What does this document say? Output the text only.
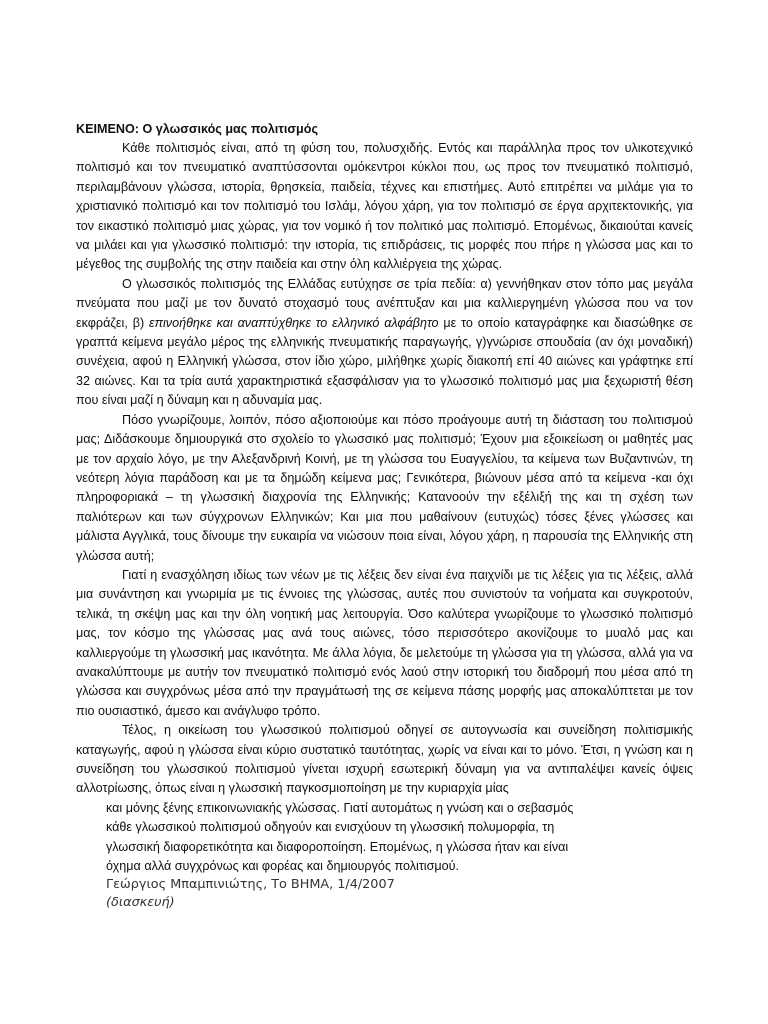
ΚΕΙΜΕΝΟ: Ο γλωσσικός μας πολιτισμός

Κάθε πολιτισμός είναι, από τη φύση του, πολυσχιδής. Εντός και παράλληλα προς τον υλικοτεχνικό πολιτισμό και τον πνευματικό αναπτύσσονται ομόκεντροι κύκλοι που, ως προς τον πνευματικό πολιτισμό, περιλαμβάνουν γλώσσα, ιστορία, θρησκεία, παιδεία, τέχνες και επιστήμες. Αυτό επιτρέπει να μιλάμε για το χριστιανικό πολιτισμό και τον πολιτισμό του Ισλάμ, λόγου χάρη, για τον πολιτισμό σε έργα αρχιτεκτονικής, για τον εικαστικό πολιτισμό μιας χώρας, για τον νομικό ή τον πολιτικό μας πολιτισμό. Επομένως, δικαιούται κανείς να μιλάει και για γλωσσικό πολιτισμό: την ιστορία, τις επιδράσεις, τις μορφές που πήρε η γλώσσα μας και το μέγεθος της συμβολής της στην παιδεία και στην όλη καλλιέργεια της χώρας.

Ο γλωσσικός πολιτισμός της Ελλάδας ευτύχησε σε τρία πεδία: α) γεννήθηκαν στον τόπο μας μεγάλα πνεύματα που μαζί με τον δυνατό στοχασμό τους ανέπτυξαν και μια καλλιεργημένη γλώσσα που να τον εκφράζει, β) επινοήθηκε και αναπτύχθηκε το ελληνικό αλφάβητο με το οποίο καταγράφηκε και διασώθηκε σε γραπτά κείμενα μεγάλο μέρος της ελληνικής πνευματικής παραγωγής, γ)γνώρισε σπουδαία (αν όχι μοναδική) συνέχεια, αφού η Ελληνική γλώσσα, στον ίδιο χώρο, μιλήθηκε χωρίς διακοπή επί 40 αιώνες και γράφτηκε επί 32 αιώνες. Και τα τρία αυτά χαρακτηριστικά εξασφάλισαν για το γλωσσικό πολιτισμό μας μια ξεχωριστή θέση που είναι μαζί η δύναμη και η αδυναμία μας.

Πόσο γνωρίζουμε, λοιπόν, πόσο αξιοποιούμε και πόσο προάγουμε αυτή τη διάσταση του πολιτισμού μας; Διδάσκουμε δημιουργικά στο σχολείο το γλωσσικό μας πολιτισμό; Έχουν μια εξοικείωση οι μαθητές μας με τον αρχαίο λόγο, με την Αλεξανδρινή Κοινή, με τη γλώσσα του Ευαγγελίου, τα κείμενα των Βυζαντινών, τη νεότερη λόγια παράδοση και με τα δημώδη κείμενα μας; Γενικότερα, βιώνουν μέσα από τα κείμενα -και όχι πληροφοριακά – τη γλωσσική διαχρονία της Ελληνικής; Κατανοούν την εξέλιξή της και τη σχέση των παλιότερων και των σύγχρονων Ελληνικών; Και μια που μαθαίνουν (ευτυχώς) τόσες ξένες γλώσσες και μάλιστα Αγγλικά, τους δίνουμε την ευκαιρία να νιώσουν ποια είναι, λόγου χάρη, η παρουσία της Ελληνικής στη γλώσσα αυτή;

Γιατί η ενασχόληση ιδίως των νέων με τις λέξεις δεν είναι ένα παιχνίδι με τις λέξεις για τις λέξεις, αλλά μια συνάντηση και γνωριμία με τις έννοιες της γλώσσας, αυτές που συνιστούν τα νοήματα και συγκροτούν, τελικά, τη σκέψη μας και την όλη νοητική μας λειτουργία. Όσο καλύτερα γνωρίζουμε το γλωσσικό πολιτισμό μας, τον κόσμο της γλώσσας μας ανά τους αιώνες, τόσο περισσότερο ακονίζουμε το μυαλό μας και καλλιεργούμε τη γλωσσική μας ικανότητα. Με άλλα λόγια, δε μελετούμε τη γλώσσα για τη γλώσσα, αλλά για να ανακαλύπτουμε με αυτήν τον πνευματικό πολιτισμό ενός λαού στην ιστορική του διαδρομή που μέσα από τη γλώσσα και συγχρόνως μέσα από την πραγμάτωσή της σε κείμενα πάσης μορφής μας αποκαλύπτεται με τον πιο ουσιαστικό, άμεσο και ανάγλυφο τρόπο.

Τέλος, η οικείωση του γλωσσικού πολιτισμού οδηγεί σε αυτογνωσία και συνείδηση πολιτισμικής καταγωγής, αφού η γλώσσα είναι κύριο συστατικό ταυτότητας, χωρίς να είναι και το μόνο. Έτσι, η γνώση και η συνείδηση του γλωσσικού πολιτισμού γίνεται ισχυρή εσωτερική δύναμη για να αντιπαλέψει κανείς όψεις αλλοτρίωσης, όπως είναι η γλωσσική παγκοσμιοποίηση με την κυριαρχία μίας

και μόνης ξένης επικοινωνιακής γλώσσας. Γιατί αυτομάτως η γνώση και ο σεβασμός

κάθε γλωσσικού πολιτισμού οδηγούν και ενισχύουν τη γλωσσική πολυμορφία, τη

γλωσσική διαφορετικότητα και διαφοροποίηση. Επομένως, η γλώσσα ήταν και είναι

όχημα αλλά συγχρόνως και φορέας και δημιουργός πολιτισμού.

Γεώργιος Μπαμπινιώτης, Το ΒΗΜΑ, 1/4/2007
(διασκευή)
